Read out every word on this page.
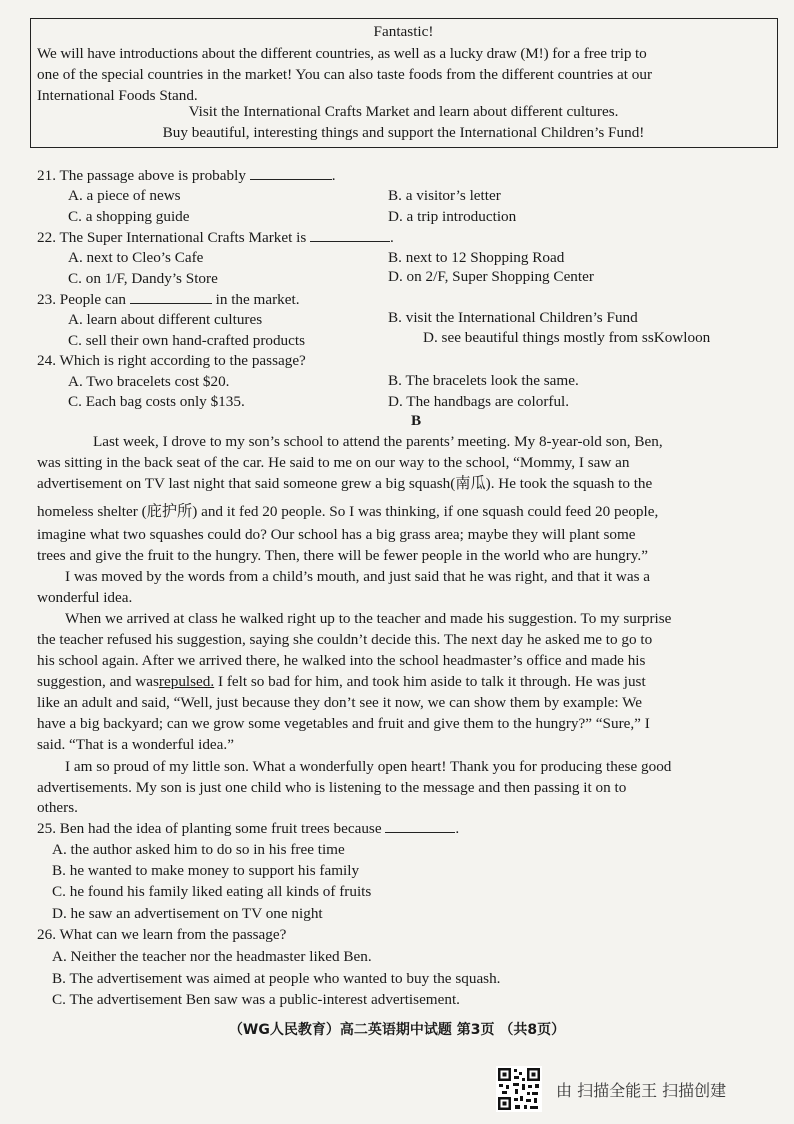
Fantastic!
We will have introductions about the different countries, as well as a lucky draw (M!) for a free trip to
one of the special countries in the market! You can also taste foods from the different countries at our
International Foods Stand.
Visit the International Crafts Market and learn about different cultures.
Buy beautiful, interesting things and support the International Children’s Fund!
21. The passage above is probably	.
A. a piece of news	B. a visitor’s letter
C. a shopping guide	D. a trip introduction
22. The Super International Crafts Market is	.
A. next to Cleo’s Cafe	B. next to 12 Shopping Road
C. on 1/F, Dandy’s Store	D. on 2/F, Super Shopping Center
23. People can	in the market.
A. learn about different cultures	B. visit the International Children’s Fund
C. sell their own hand-crafted products	D. see beautiful things mostly from ssKowloon
24. Which is right according to the passage?
A. Two bracelets cost $20.	B. The bracelets look the same.
C. Each bag costs only $135.	D. The handbags are colorful.
B
Last week, I drove to my son’s school to attend the parents’ meeting. My 8-year-old son, Ben,
was sitting in the back seat of the car. He said to me on our way to the school, “Mommy, I saw an
advertisement on TV last night that said someone grew a big squash(南瓜). He took the squash to the
homeless shelter (庇护所) and it fed 20 people. So I was thinking, if one squash could feed 20 people,
imagine what two squashes could do? Our school has a big grass area; maybe they will plant some
trees and give the fruit to the hungry. Then, there will be fewer people in the world who are hungry.”
I was moved by the words from a child’s mouth, and just said that he was right, and that it was a
wonderful idea.
When we arrived at class he walked right up to the teacher and made his suggestion. To my surprise
the teacher refused his suggestion, saying she couldn’t decide this. The next day he asked me to go to
his school again. After we arrived there, he walked into the school headmaster’s office and made his
suggestion, and wasrepulsed. I felt so bad for him, and took him aside to talk it through. He was just
like an adult and said, “Well, just because they don’t see it now, we can show them by example: We
have a big backyard; can we grow some vegetables and fruit and give them to the hungry?” “Sure,” I
said. “That is a wonderful idea.”
I am so proud of my little son. What a wonderfully open heart! Thank you for producing these good
advertisements. My son is just one child who is listening to the message and then passing it on to
others.
25. Ben had the idea of planting some fruit trees because	.
A. the author asked him to do so in his free time
B. he wanted to make money to support his family
C. he found his family liked eating all kinds of fruits
D. he saw an advertisement on TV one night
26. What can we learn from the passage?
A. Neither the teacher nor the headmaster liked Ben.
B. The advertisement was aimed at people who wanted to buy the squash.
C. The advertisement Ben saw was a public-interest advertisement.
（WG人民教育）高二英语期中试题 第3页 （共8页）
由 扫描全能王 扫描创建
